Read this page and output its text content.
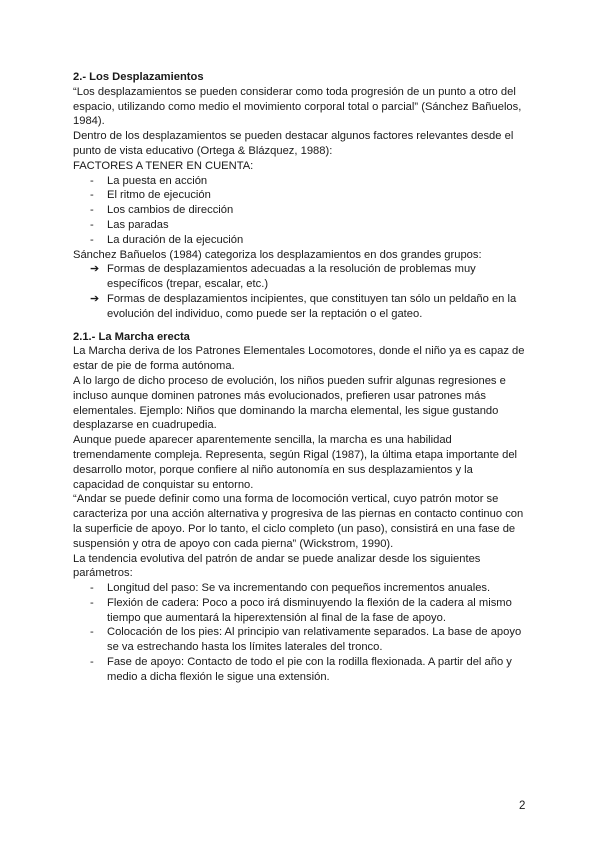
2.- Los Desplazamientos

“Los desplazamientos se pueden considerar como toda progresión de un punto a otro del espacio, utilizando como medio el movimiento corporal total o parcial” (Sánchez Bañuelos, 1984).

Dentro de los desplazamientos se pueden destacar algunos factores relevantes desde el punto de vista educativo (Ortega & Blázquez, 1988):

FACTORES A TENER EN CUENTA:

- La puesta en acción
- El ritmo de ejecución
- Los cambios de dirección
- Las paradas
- La duración de la ejecución

Sánchez Bañuelos (1984) categoriza los desplazamientos en dos grandes grupos:

➔ Formas de desplazamientos adecuadas a la resolución de problemas muy específicos (trepar, escalar, etc.)
➔ Formas de desplazamientos incipientes, que constituyen tan sólo un peldaño en la evolución del individuo, como puede ser la reptación o el gateo.

2.1.- La Marcha erecta

La Marcha deriva de los Patrones Elementales Locomotores, donde el niño ya es capaz de estar de pie de forma autónoma.

A lo largo de dicho proceso de evolución, los niños pueden sufrir algunas regresiones e incluso aunque dominen patrones más evolucionados, prefieren usar patrones más elementales. Ejemplo: Niños que dominando la marcha elemental, les sigue gustando desplazarse en cuadrupedia.

Aunque puede aparecer aparentemente sencilla, la marcha es una habilidad tremendamente compleja. Representa, según Rigal (1987), la última etapa importante del desarrollo motor, porque confiere al niño autonomía en sus desplazamientos y la capacidad de conquistar su entorno.

“Andar se puede definir como una forma de locomoción vertical, cuyo patrón motor se caracteriza por una acción alternativa y progresiva de las piernas en contacto continuo con la superficie de apoyo. Por lo tanto, el ciclo completo (un paso), consistirá en una fase de suspensión y otra de apoyo con cada pierna” (Wickstrom, 1990).

La tendencia evolutiva del patrón de andar se puede analizar desde los siguientes parámetros:

- Longitud del paso: Se va incrementando con pequeños incrementos anuales.
- Flexión de cadera: Poco a poco irá disminuyendo la flexión de la cadera al mismo tiempo que aumentará la hiperextensión al final de la fase de apoyo.
- Colocación de los pies: Al principio van relativamente separados. La base de apoyo se va estrechando hasta los límites laterales del tronco.
- Fase de apoyo: Contacto de todo el pie con la rodilla flexionada. A partir del año y medio a dicha flexión le sigue una extensión.
2
